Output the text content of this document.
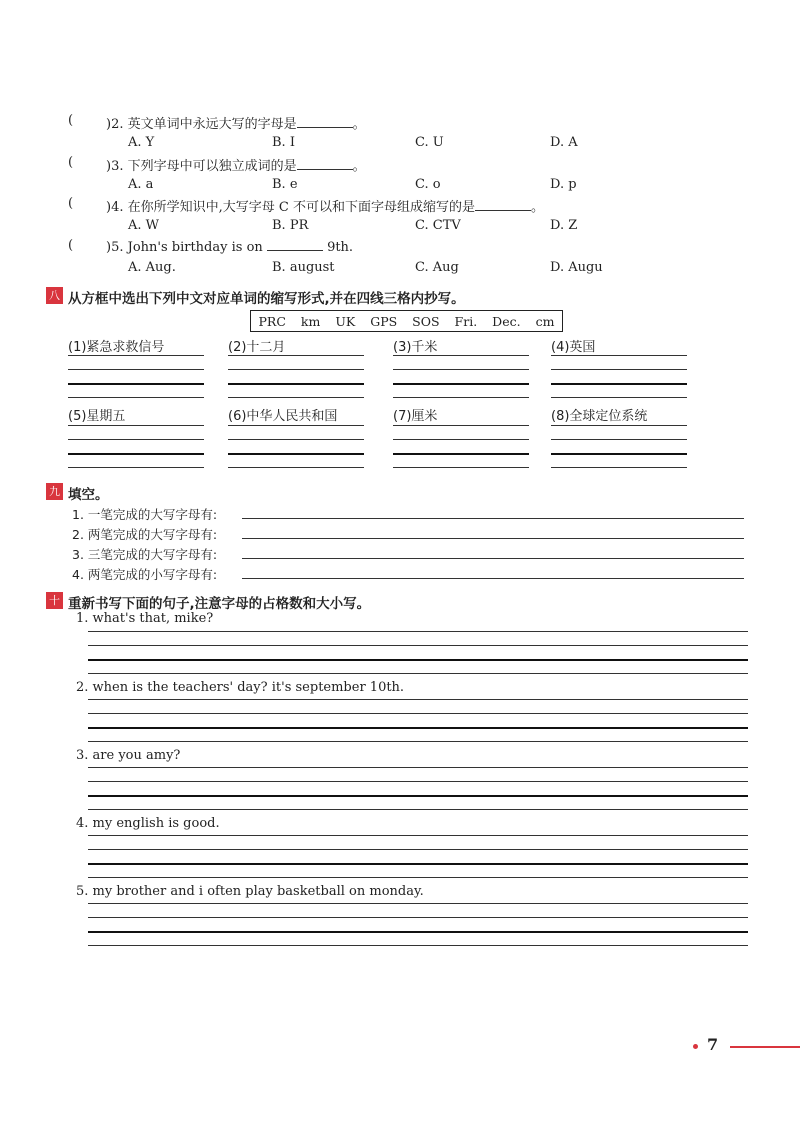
(	)2. 英文单词中永远大写的字母是	。
A. Y	B. I	C. U	D. A
(	)3. 下列字母中可以独立成词的是	。
A. a	B. e	C. o	D. p
(	)4. 在你所学知识中,大写字母 C 不可以和下面字母组成缩写的是	。
A. W	B. PR	C. CTV	D. Z
(	)5. John's birthday is on	9th.
A. Aug.	B. august	C. Aug	D. Augu
八 从方框中选出下列中文对应单词的缩写形式,并在四线三格内抄写。
PRC km UK GPS SOS Fri. Dec. cm
(1)紧急求救信号	(2)十二月	(3)千米	(4)英国
(5)星期五	(6)中华人民共和国	(7)厘米	(8)全球定位系统
九 填空。
1. 一笔完成的大写字母有:
2. 两笔完成的大写字母有:
3. 三笔完成的大写字母有:
4. 两笔完成的小写字母有:
十 重新书写下面的句子,注意字母的占格数和大小写。
1. what's that, mike?
2. when is the teachers' day? it's september 10th.
3. are you amy?
4. my english is good.
5. my brother and i often play basketball on monday.
7
